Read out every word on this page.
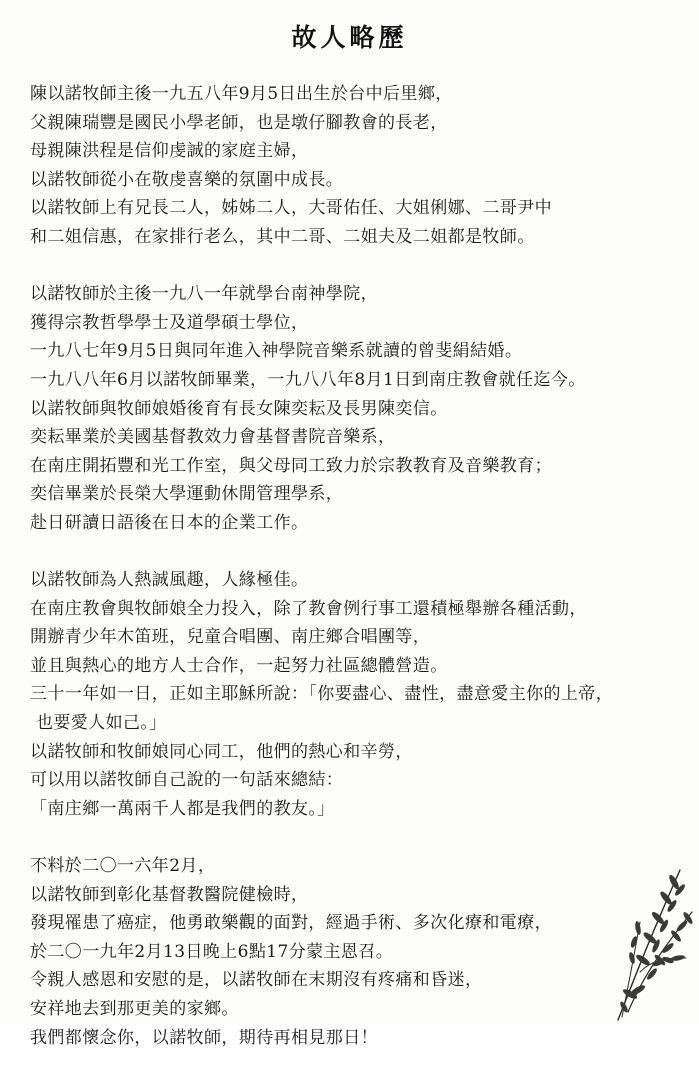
故人略歷
陳以諾牧師主後一九五八年9月5日出生於台中后里鄉，
父親陳瑞豐是國民小學老師，也是墩仔腳教會的長老，
母親陳洪程是信仰虔誠的家庭主婦，
以諾牧師從小在敬虔喜樂的氛圍中成長。
以諾牧師上有兄長二人，姊姊二人，大哥佑任、大姐俐娜、二哥尹中
和二姐信惠，在家排行老么，其中二哥、二姐夫及二姐都是牧師。
以諾牧師於主後一九八一年就學台南神學院，
獲得宗教哲學學士及道學碩士學位，
一九八七年9月5日與同年進入神學院音樂系就讀的曾斐絹結婚。
一九八八年6月以諾牧師畢業，一九八八年8月1日到南庄教會就任迄今。
以諾牧師與牧師娘婚後育有長女陳奕耘及長男陳奕信。
奕耘畢業於美國基督教效力會基督書院音樂系，
在南庄開拓豐和光工作室，與父母同工致力於宗教教育及音樂教育；
奕信畢業於長榮大學運動休閒管理學系，
赴日研讀日語後在日本的企業工作。
以諾牧師為人熱誠風趣，人緣極佳。
在南庄教會與牧師娘全力投入，除了教會例行事工還積極舉辦各種活動，
開辦青少年木笛班，兒童合唱團、南庄鄉合唱團等，
並且與熱心的地方人士合作，一起努力社區總體營造。
三十一年如一日，正如主耶穌所說：「你要盡心、盡性，盡意愛主你的上帝，
也要愛人如己。」
以諾牧師和牧師娘同心同工，他們的熱心和辛勞，
可以用以諾牧師自己說的一句話來總結：
「南庄鄉一萬兩千人都是我們的教友。」
不料於二〇一六年2月，
以諾牧師到彰化基督教醫院健檢時，
發現罹患了癌症，他勇敢樂觀的面對，經過手術、多次化療和電療，
於二〇一九年2月13日晚上6點17分蒙主恩召。
令親人感恩和安慰的是，以諾牧師在末期沒有疼痛和昏迷，
安祥地去到那更美的家鄉。
我們都懷念你，以諾牧師，期待再相見那日！
